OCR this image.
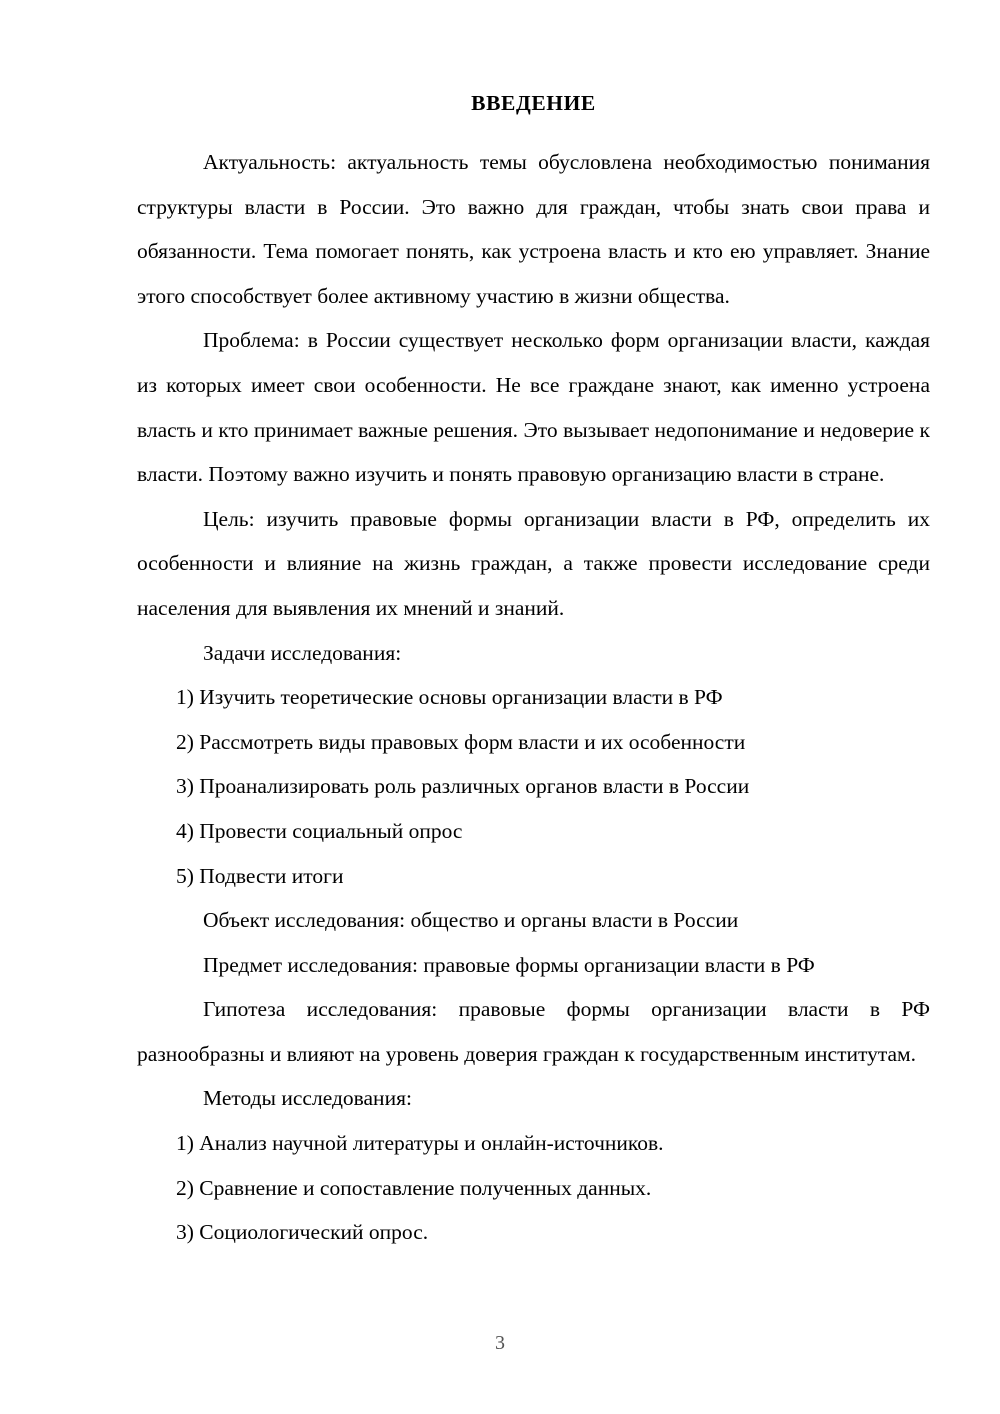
ВВЕДЕНИЕ

Актуальность: актуальность темы обусловлена необходимостью понимания структуры власти в России. Это важно для граждан, чтобы знать свои права и обязанности. Тема помогает понять, как устроена власть и кто ею управляет. Знание этого способствует более активному участию в жизни общества.

Проблема: в России существует несколько форм организации власти, каждая из которых имеет свои особенности. Не все граждане знают, как именно устроена власть и кто принимает важные решения. Это вызывает недопонимание и недоверие к власти. Поэтому важно изучить и понять правовую организацию власти в стране.

Цель: изучить правовые формы организации власти в РФ, определить их особенности и влияние на жизнь граждан, а также провести исследование среди населения для выявления их мнений и знаний.

Задачи исследования:

1) Изучить теоретические основы организации власти в РФ

2) Рассмотреть виды правовых форм власти и их особенности

3) Проанализировать роль различных органов власти в России

4) Провести социальный опрос

5) Подвести итоги

Объект исследования: общество и органы власти в России

Предмет исследования: правовые формы организации власти в РФ

Гипотеза исследования: правовые формы организации власти в РФ разнообразны и влияют на уровень доверия граждан к государственным институтам.

Методы исследования:

1) Анализ научной литературы и онлайн-источников.

2) Сравнение и сопоставление полученных данных.

3) Социологический опрос.

3
